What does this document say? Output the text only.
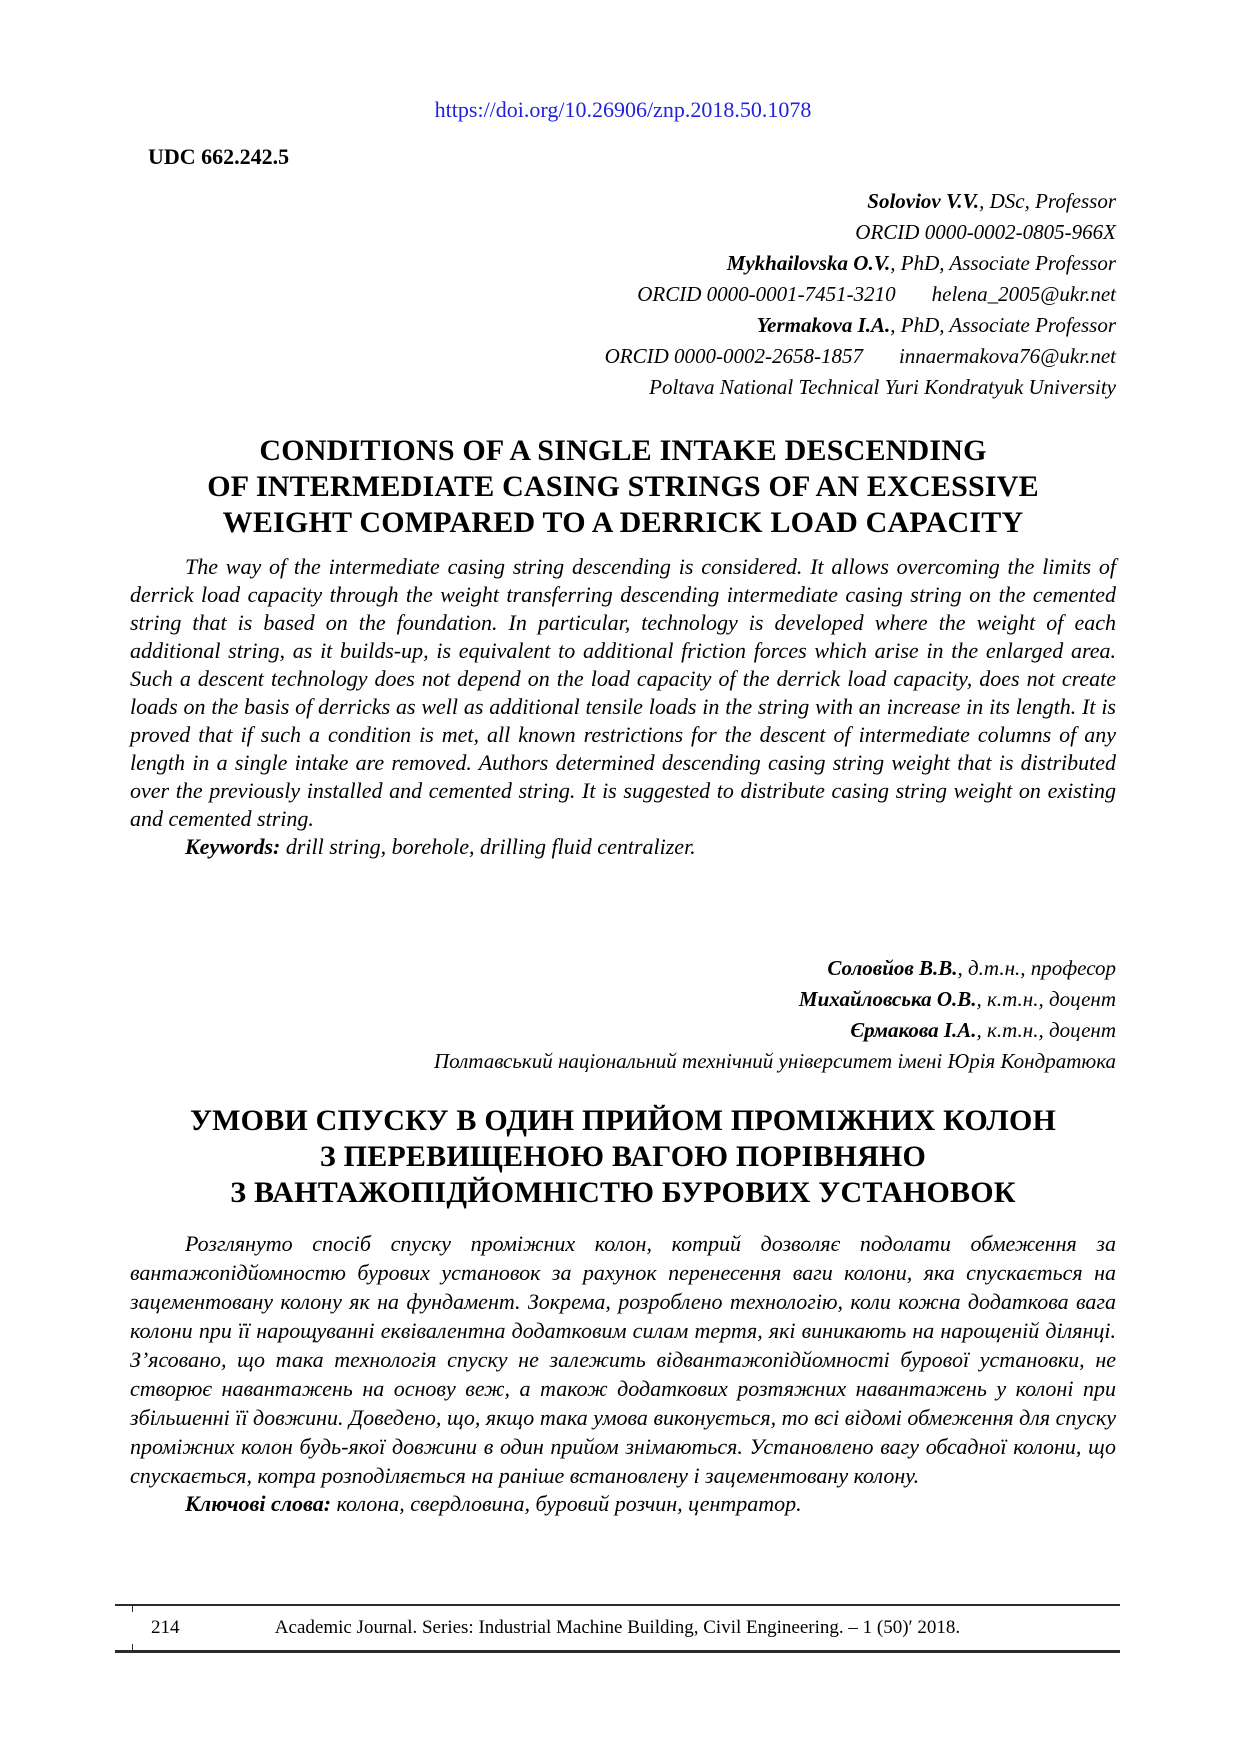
https://doi.org/10.26906/znp.2018.50.1078
UDC 662.242.5
Soloviov V.V., DSc, Professor
ORCID 0000-0002-0805-966X
Mykhailovska O.V., PhD, Associate Professor
ORCID 0000-0001-7451-3210 helena_2005@ukr.net
Yermakova I.A., PhD, Associate Professor
ORCID 0000-0002-2658-1857 innaermakova76@ukr.net
Poltava National Technical Yuri Kondratyuk University
CONDITIONS OF A SINGLE INTAKE DESCENDING
OF INTERMEDIATE CASING STRINGS OF AN EXCESSIVE
WEIGHT COMPARED TO A DERRICK LOAD CAPACITY

The way of the intermediate casing string descending is considered. It allows overcoming the limits of derrick load capacity through the weight transferring descending intermediate casing string on the cemented string that is based on the foundation. In particular, technology is developed where the weight of each additional string, as it builds-up, is equivalent to additional friction forces which arise in the enlarged area. Such a descent technology does not depend on the load capacity of the derrick load capacity, does not create loads on the basis of derricks as well as additional tensile loads in the string with an increase in its length. It is proved that if such a condition is met, all known restrictions for the descent of intermediate columns of any length in a single intake are removed. Authors determined descending casing string weight that is distributed over the previously installed and cemented string. It is suggested to distribute casing string weight on existing and cemented string.

Keywords: drill string, borehole, drilling fluid centralizer.

Соловйов В.В., д.т.н., професор
Михайловська О.В., к.т.н., доцент
Єрмакова І.А., к.т.н., доцент
Полтавський національний технічний університет імені Юрія Кондратюка
УМОВИ СПУСКУ В ОДИН ПРИЙОМ ПРОМІЖНИХ КОЛОН
З ПЕРЕВИЩЕНОЮ ВАГОЮ ПОРІВНЯНО
З ВАНТАЖОПІДЙОМНІСТЮ БУРОВИХ УСТАНОВОК

Розглянуто спосіб спуску проміжних колон, котрий дозволяє подолати обмеження за вантажопідйомностю бурових установок за рахунок перенесення ваги колони, яка спускається на зацементовану колону як на фундамент. Зокрема, розроблено технологію, коли кожна додаткова вага колони при її нарощуванні еквівалентна додатковим силам тертя, які виникають на нарощеній ділянці. З’ясовано, що така технологія спуску не залежить відвантажопідйомності бурової установки, не створює навантажень на основу веж, а також додаткових розтяжних навантажень у колоні при збільшенні її довжини. Доведено, що, якщо така умова виконується, то всі відомі обмеження для спуску проміжних колон будь-якої довжини в один прийом знімаються. Установлено вагу обсадної колони, що спускається, котра розподіляється на раніше встановлену і зацементовану колону.

Ключові слова: колона, свердловина, буровий розчин, центратор.

214	Academic Journal. Series: Industrial Machine Building, Civil Engineering. – 1 (50)′ 2018.
